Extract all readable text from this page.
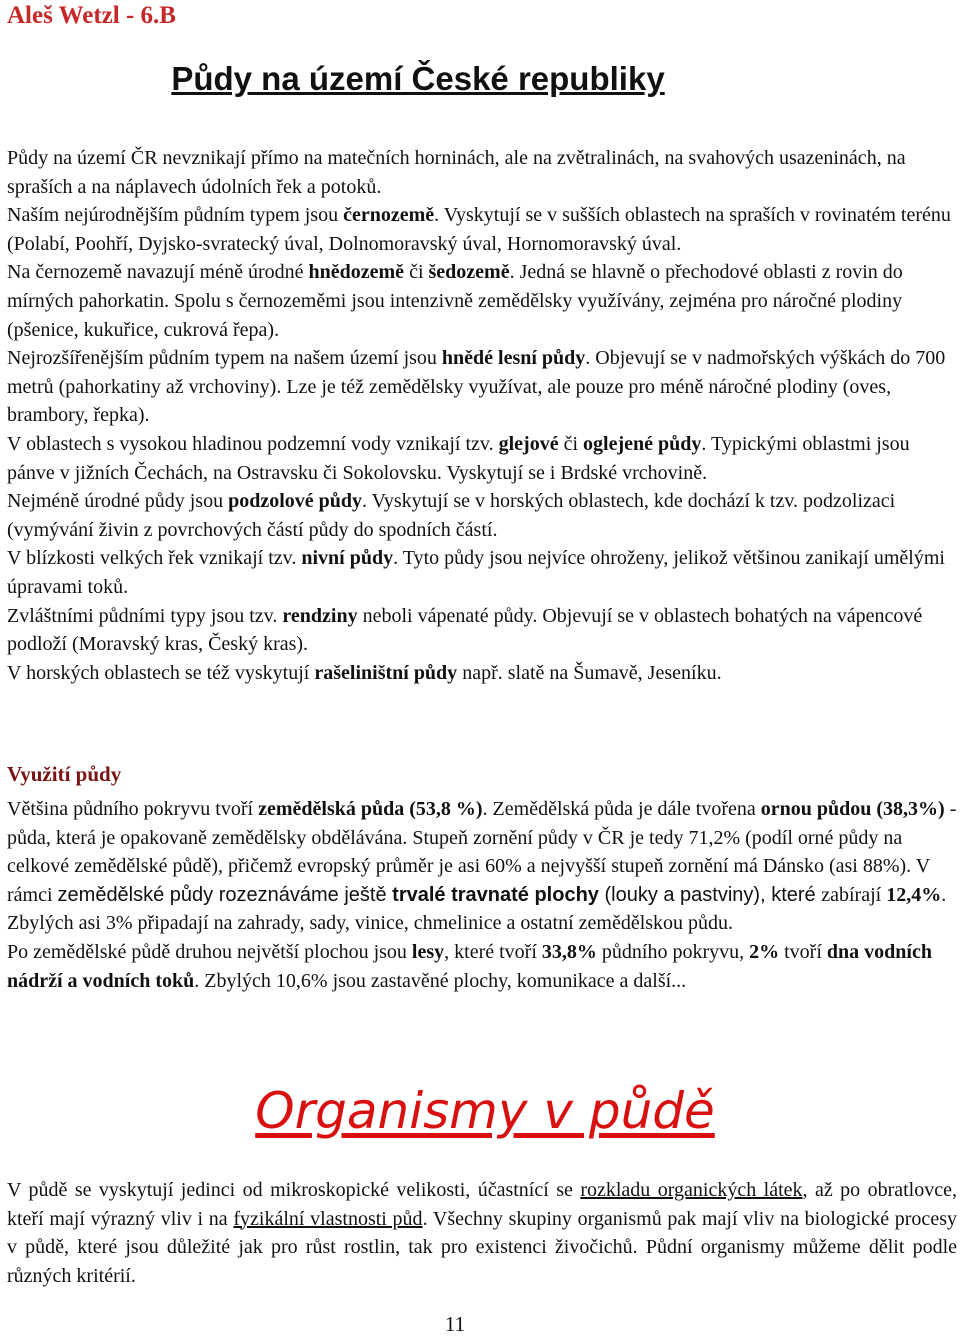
Aleš Wetzl - 6.B
Půdy na území České republiky

Půdy na území ČR nevznikají přímo na matečních horninách, ale na zvětralinách, na svahových usazeninách, na spraších a na náplavech údolních řek a potoků.

Naším nejúrodnějším půdním typem jsou černozemě. Vyskytují se v sušších oblastech na spraších v rovinatém terénu (Polabí, Poohří, Dyjsko-svratecký úval, Dolnomoravský úval, Hornomoravský úval.

Na černozemě navazují méně úrodné hnědozemě či šedozemě. Jedná se hlavně o přechodové oblasti z rovin do mírných pahorkatin. Spolu s černozeměmi jsou intenzivně zemědělsky využívány, zejména pro náročné plodiny (pšenice, kukuřice, cukrová řepa).

Nejrozšířenějším půdním typem na našem území jsou hnědé lesní půdy. Objevují se v nadmořských výškách do 700 metrů (pahorkatiny až vrchoviny). Lze je též zemědělsky využívat, ale pouze pro méně náročné plodiny (oves, brambory, řepka).

V oblastech s vysokou hladinou podzemní vody vznikají tzv. glejové či oglejené půdy. Typickými oblastmi jsou pánve v jižních Čechách, na Ostravsku či Sokolovsku. Vyskytují se i Brdské vrchovině.

Nejméně úrodné půdy jsou podzolové půdy. Vyskytují se v horských oblastech, kde dochází k tzv. podzolizaci (vymývání živin z povrchových částí půdy do spodních částí.

V blízkosti velkých řek vznikají tzv. nivní půdy. Tyto půdy jsou nejvíce ohroženy, jelikož většinou zanikají umělými úpravami toků.

Zvláštními půdními typy jsou tzv. rendziny neboli vápenaté půdy. Objevují se v oblastech bohatých na vápencové podloží (Moravský kras, Český kras).

V horských oblastech se též vyskytují rašeliništní půdy např. slatě na Šumavě, Jeseníku.

Využití půdy

Většina půdního pokryvu tvoří zemědělská půda (53,8 %). Zemědělská půda je dále tvořena ornou půdou (38,3%) - půda, která je opakovaně zemědělsky obdělávána. Stupeň zornění půdy v ČR je tedy 71,2% (podíl orné půdy na celkové zemědělské půdě), přičemž evropský průměr je asi 60% a nejvyšší stupeň zornění má Dánsko (asi 88%). V rámci zemědělské půdy rozeznáváme ještě trvalé travnaté plochy (louky a pastviny), které zabírají 12,4%.

Zbylých asi 3% připadají na zahrady, sady, vinice, chmelinice a ostatní zemědělskou půdu.

Po zemědělské půdě druhou největší plochou jsou lesy, které tvoří 33,8% půdního pokryvu, 2% tvoří dna vodních nádrží a vodních toků. Zbylých 10,6% jsou zastavěné plochy, komunikace a další...

Organismy v půdě

V půdě se vyskytují jedinci od mikroskopické velikosti, účastnící se rozkladu organických látek, až po obratlovce, kteří mají výrazný vliv i na fyzikální vlastnosti půd. Všechny skupiny organismů pak mají vliv na biologické procesy v půdě, které jsou důležité jak pro růst rostlin, tak pro existenci živočichů. Půdní organismy můžeme dělit podle různých kritérií.

11
